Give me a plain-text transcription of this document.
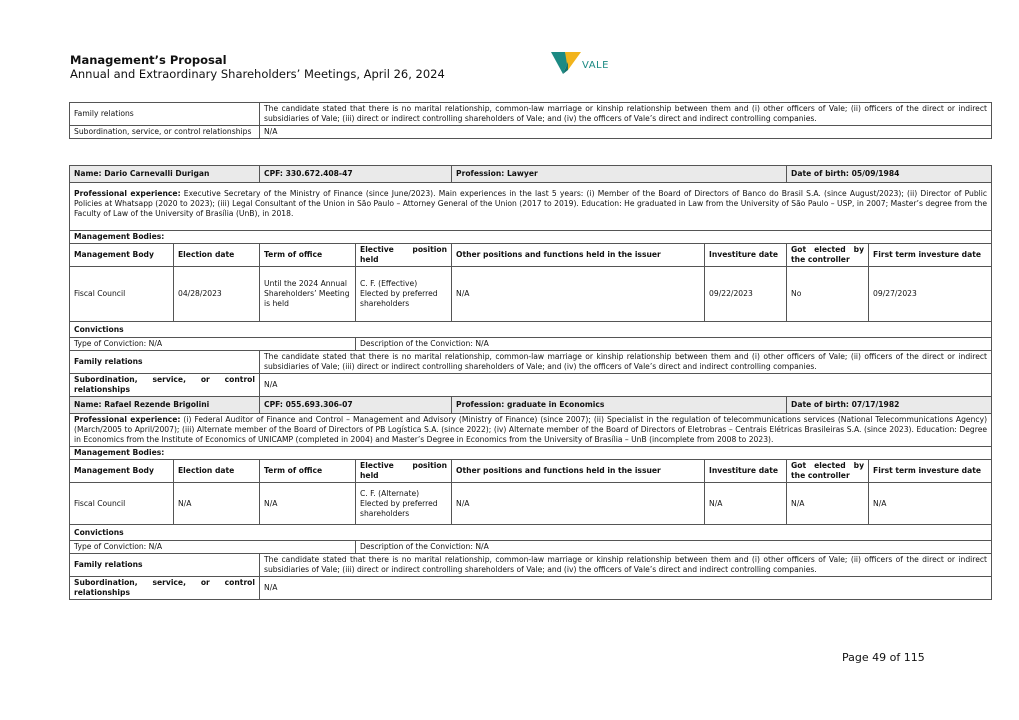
Management’s Proposal
Annual and Extraordinary Shareholders’ Meetings, April 26, 2024
VALE
Family relations	The candidate stated that there is no marital relationship, common-law marriage or kinship relationship between them and (i) other officers of Vale; (ii) officers of the direct or indirect subsidiaries of Vale; (iii) direct or indirect controlling shareholders of Vale; and (iv) the officers of Vale’s direct and indirect controlling companies.
Subordination, service, or control relationships	N/A
Name: Dario Carnevalli Durigan		CPF: 330.672.408-47		Profession: Lawyer		Date of birth: 05/09/1984	
Professional experience: Executive Secretary of the Ministry of Finance (since June/2023). Main experiences in the last 5 years: (i) Member of the Board of Directors of Banco do Brasil S.A. (since August/2023); (ii) Director of Public Policies at Whatsapp (2020 to 2023); (iii) Legal Consultant of the Union in São Paulo – Attorney General of the Union (2017 to 2019). Education: He graduated in Law from the University of São Paulo – USP, in 2007; Master’s degree from the Faculty of Law of the University of Brasília (UnB), in 2018.							
Management Bodies:							
Management Body	Election date	Term of office	Elective position held	Other positions and functions held in the issuer	Investiture date	Got elected by the controller	First term investure date
Fiscal Council	04/28/2023	Until the 2024 Annual Shareholders’ Meeting is held	C. F. (Effective) Elected by preferred shareholders	N/A	09/22/2023	No	09/27/2023
Convictions							
Type of Conviction: N/A			Description of the Conviction: N/A				
Family relations		The candidate stated that there is no marital relationship, common-law marriage or kinship relationship between them and (i) other officers of Vale; (ii) officers of the direct or indirect subsidiaries of Vale; (iii) direct or indirect controlling shareholders of Vale; and (iv) the officers of Vale’s direct and indirect controlling companies.					
Subordination, service, or control relationships		N/A					
Name: Rafael Rezende Brigolini		CPF: 055.693.306-07		Profession: graduate in Economics		Date of birth: 07/17/1982	
Professional experience: (i) Federal Auditor of Finance and Control – Management and Advisory (Ministry of Finance) (since 2007); (ii) Specialist in the regulation of telecommunications services (National Telecommunications Agency) (March/2005 to April/2007); (iii) Alternate member of the Board of Directors of PB Logística S.A. (since 2022); (iv) Alternate member of the Board of Directors of Eletrobras – Centrais Elétricas Brasileiras S.A. (since 2023). Education: Degree in Economics from the Institute of Economics of UNICAMP (completed in 2004) and Master’s Degree in Economics from the University of Brasília – UnB (incomplete from 2008 to 2023).							
Management Bodies:							
Management Body	Election date	Term of office	Elective position held	Other positions and functions held in the issuer	Investiture date	Got elected by the controller	First term investure date
Fiscal Council	N/A	N/A	C. F. (Alternate) Elected by preferred shareholders	N/A	N/A	N/A	N/A
Convictions							
Type of Conviction: N/A			Description of the Conviction: N/A				
Family relations		The candidate stated that there is no marital relationship, common-law marriage or kinship relationship between them and (i) other officers of Vale; (ii) officers of the direct or indirect subsidiaries of Vale; (iii) direct or indirect controlling shareholders of Vale; and (iv) the officers of Vale’s direct and indirect controlling companies.					
Subordination, service, or control relationships		N/A					
Page 49 of 115
